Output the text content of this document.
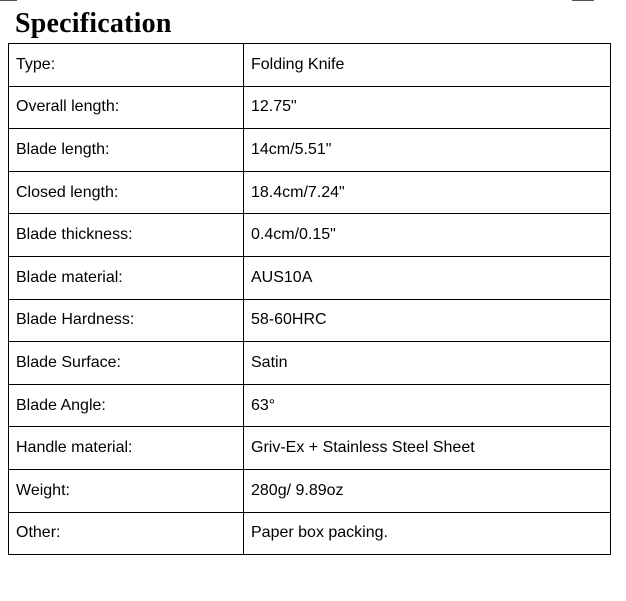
Specification
Type:	Folding Knife
Overall length:	12.75"
Blade length:	14cm/5.51"
Closed length:	18.4cm/7.24"
Blade thickness:	0.4cm/0.15"
Blade material:	AUS10A
Blade Hardness:	58-60HRC
Blade Surface:	Satin
Blade Angle:	63°
Handle material:	Griv-Ex + Stainless Steel Sheet
Weight:	280g/ 9.89oz
Other:	Paper box packing.
